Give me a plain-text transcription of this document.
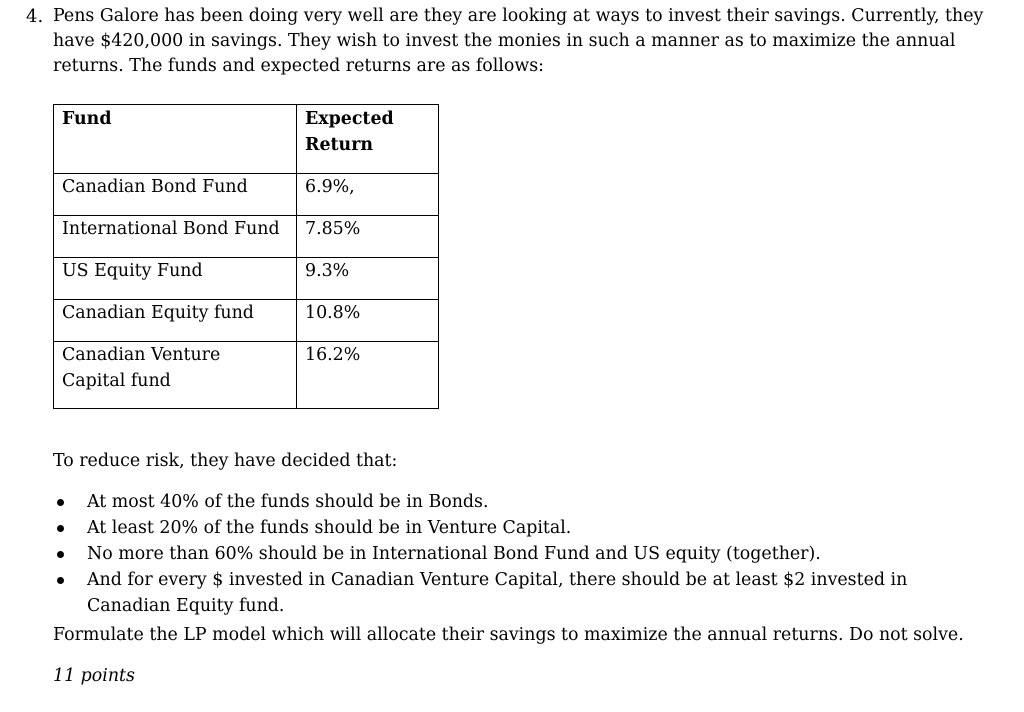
4. Pens Galore has been doing very well are they are looking at ways to invest their savings. Currently, they have $420,000 in savings. They wish to invest the monies in such a manner as to maximize the annual returns. The funds and expected returns are as follows:
Fund	Expected Return
Canadian Bond Fund	6.9%,
International Bond Fund	7.85%
US Equity Fund	9.3%
Canadian Equity fund	10.8%
Canadian Venture Capital fund	16.2%
To reduce risk, they have decided that:
At most 40% of the funds should be in Bonds.
At least 20% of the funds should be in Venture Capital.
No more than 60% should be in International Bond Fund and US equity (together).
And for every $ invested in Canadian Venture Capital, there should be at least $2 invested in Canadian Equity fund.
Formulate the LP model which will allocate their savings to maximize the annual returns. Do not solve.
11 points
